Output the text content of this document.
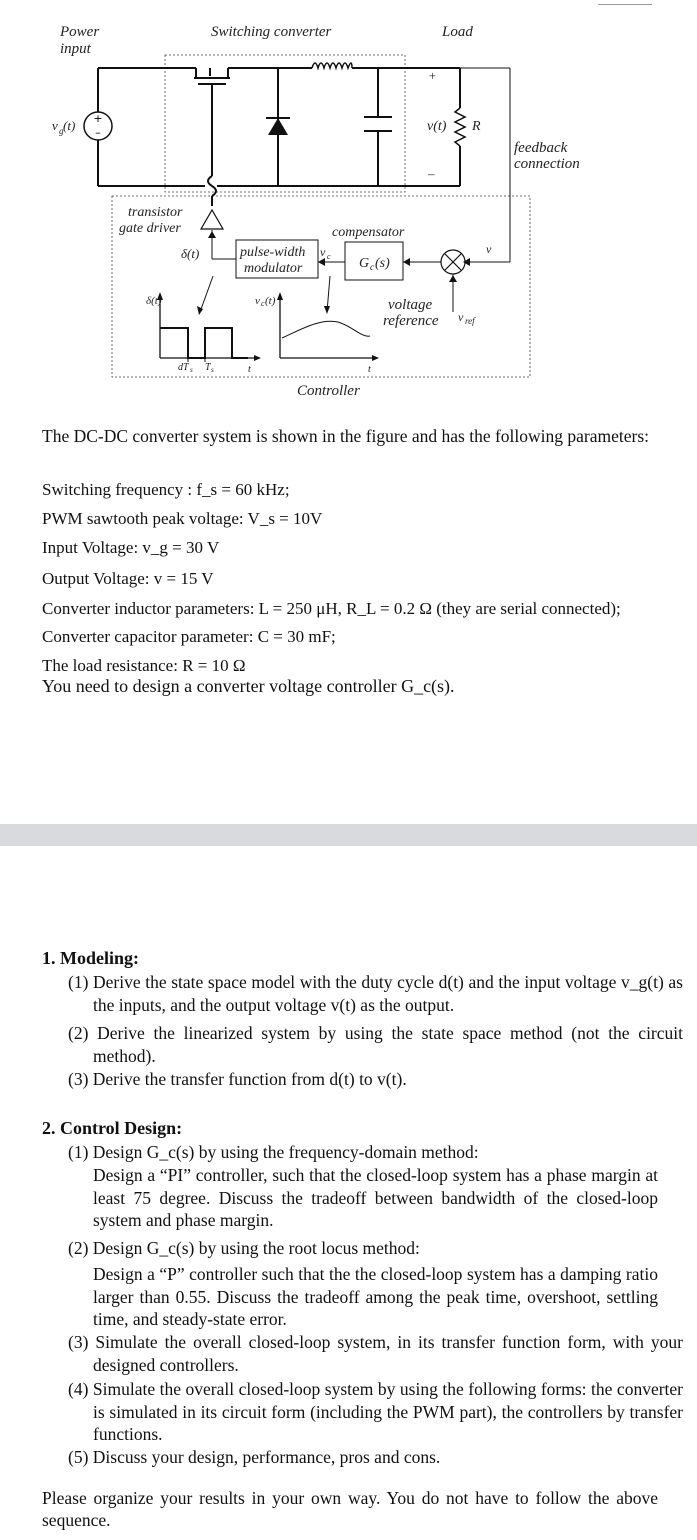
+
–
Power
input
Switching converter	Load
v g (t)
+
–
v(t) R
feedback
connection
transistor
gate driver
δ(t)	pulse-width
modulator
v c
compensator
G c (s)
v
voltage
reference v ref
δ(t)
dT s T s	t
v c (t)
t
Controller
The DC-DC converter system is shown in the figure and has the following parameters:
Switching frequency : f_s = 60 kHz;
PWM sawtooth peak voltage: V_s = 10V
Input Voltage: v_g = 30 V
Output Voltage: v = 15 V
Converter inductor parameters: L = 250 μH, R_L = 0.2 Ω (they are serial connected);
Converter capacitor parameter: C = 30 mF;
The load resistance: R = 10 Ω
You need to design a converter voltage controller G_c(s).
1. Modeling:
(1) Derive the state space model with the duty cycle d(t) and the input voltage v_g(t) as the inputs, and the output voltage v(t) as the output.
(2) Derive the linearized system by using the state space method (not the circuit method).
(3) Derive the transfer function from d(t) to v(t).
2. Control Design:
(1) Design G_c(s) by using the frequency-domain method:
Design a “PI” controller, such that the closed-loop system has a phase margin at least 75 degree. Discuss the tradeoff between bandwidth of the closed-loop system and phase margin.
(2) Design G_c(s) by using the root locus method:
Design a “P” controller such that the the closed-loop system has a damping ratio larger than 0.55. Discuss the tradeoff among the peak time, overshoot, settling time, and steady-state error.
(3) Simulate the overall closed-loop system, in its transfer function form, with your designed controllers.
(4) Simulate the overall closed-loop system by using the following forms: the converter is simulated in its circuit form (including the PWM part), the controllers by transfer functions.
(5) Discuss your design, performance, pros and cons.
Please organize your results in your own way. You do not have to follow the above sequence.
